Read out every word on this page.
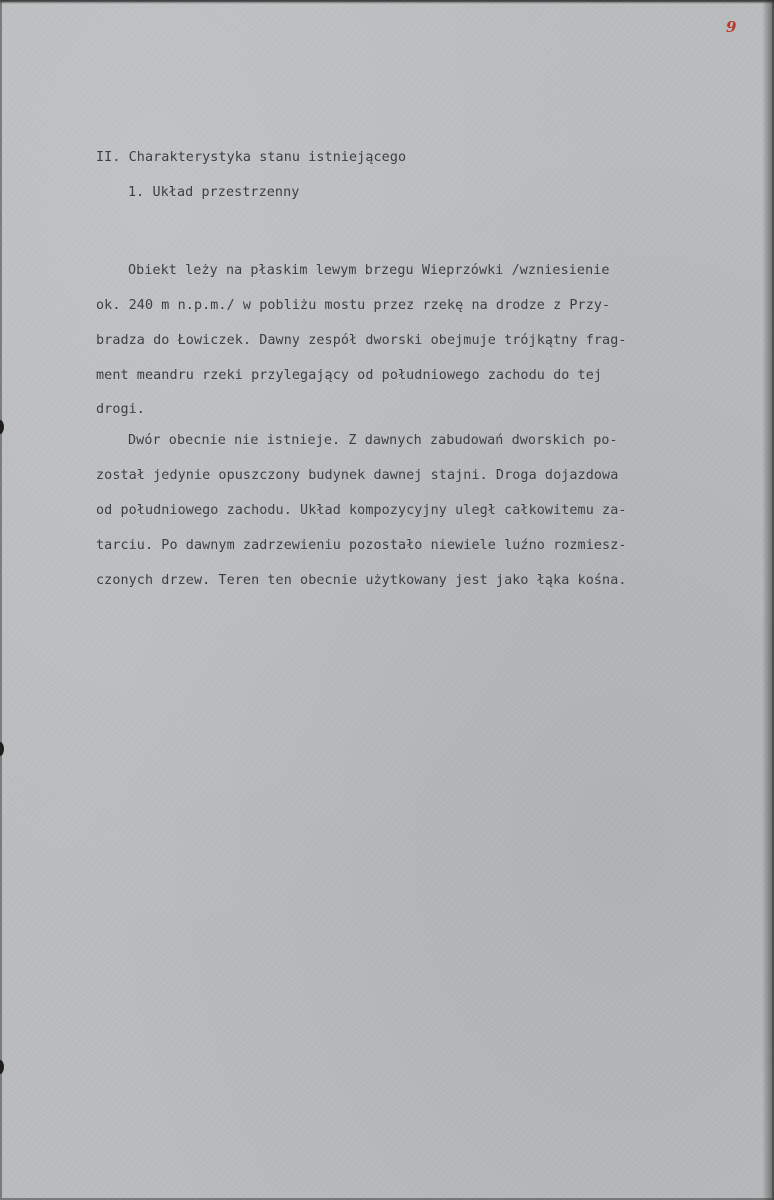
9
II. Charakterystyka stanu istniejącego
1. Układ przestrzenny
Obiekt leży na płaskim lewym brzegu Wieprzówki /wzniesienie
ok. 240 m n.p.m./ w pobliżu mostu przez rzekę na drodze z Przy-
bradza do Łowiczek. Dawny zespół dworski obejmuje trójkątny frag-
ment meandru rzeki przylegający od południowego zachodu do tej
drogi.
Dwór obecnie nie istnieje. Z dawnych zabudowań dworskich po-
został jedynie opuszczony budynek dawnej stajni. Droga dojazdowa
od południowego zachodu. Układ kompozycyjny uległ całkowitemu za-
tarciu. Po dawnym zadrzewieniu pozostało niewiele luźno rozmiesz-
czonych drzew. Teren ten obecnie użytkowany jest jako łąka kośna.
